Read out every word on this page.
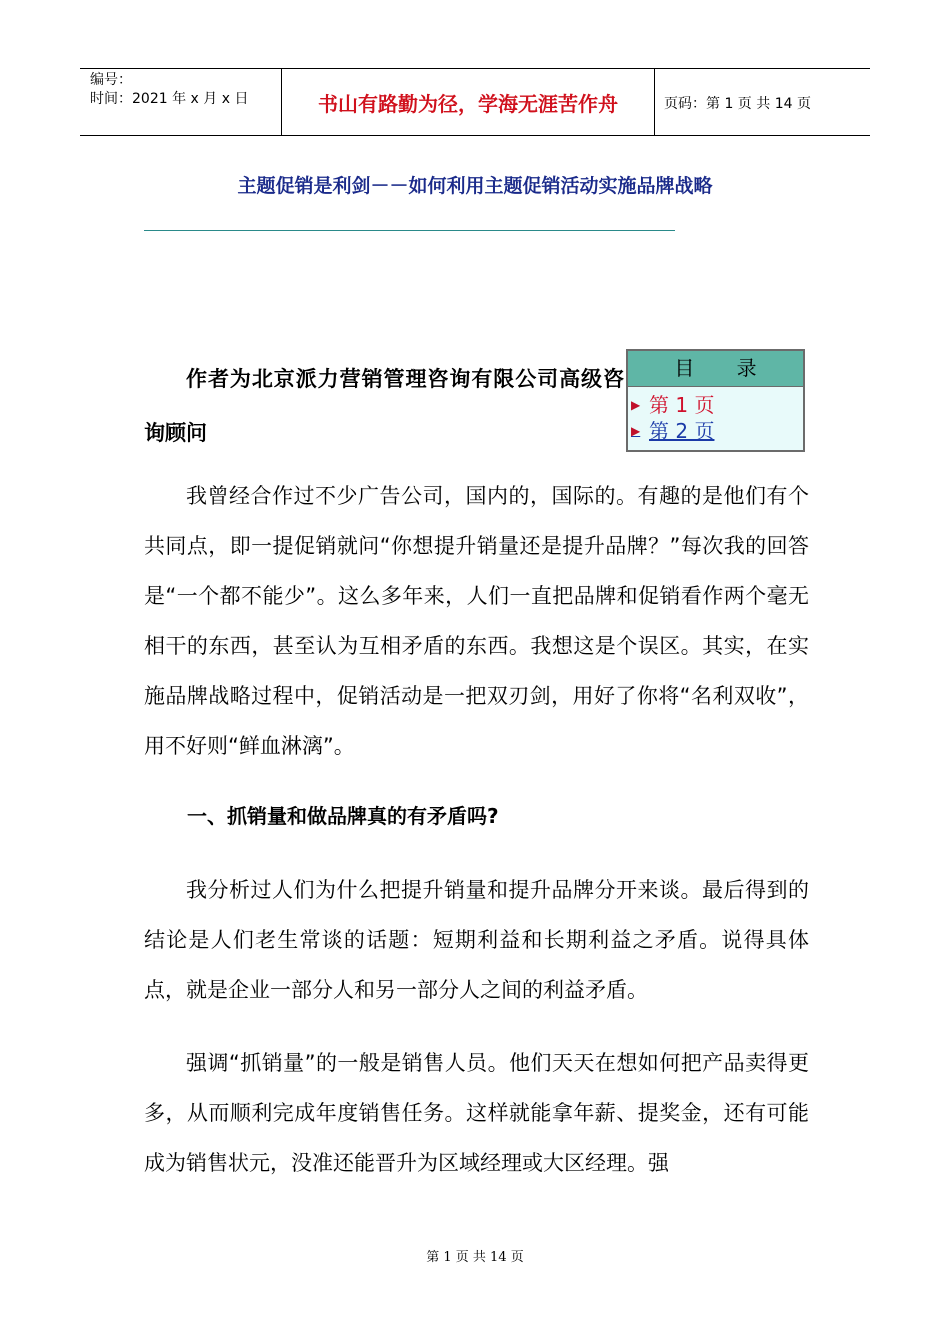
编号：
时间：2021 年 x 月 x 日	书山有路勤为径，学海无涯苦作舟	页码：第 1 页 共 14 页
主题促销是利剑－－如何利用主题促销活动实施品牌战略

作者为北京派力营销管理咨询有限公司高级咨询顾问

目 录
▶ 第 1 页
▶ 第 2 页

我曾经合作过不少广告公司，国内的，国际的。有趣的是他们有个共同点，即一提促销就问“你想提升销量还是提升品牌？”每次我的回答是“一个都不能少”。这么多年来，人们一直把品牌和促销看作两个毫无相干的东西，甚至认为互相矛盾的东西。我想这是个误区。其实，在实施品牌战略过程中，促销活动是一把双刃剑，用好了你将“名利双收”，用不好则“鲜血淋漓”。

一、抓销量和做品牌真的有矛盾吗?

我分析过人们为什么把提升销量和提升品牌分开来谈。最后得到的结论是人们老生常谈的话题：短期利益和长期利益之矛盾。说得具体点，就是企业一部分人和另一部分人之间的利益矛盾。

强调“抓销量”的一般是销售人员。他们天天在想如何把产品卖得更多，从而顺利完成年度销售任务。这样就能拿年薪、提奖金，还有可能成为销售状元，没准还能晋升为区域经理或大区经理。强

第 1 页 共 14 页
